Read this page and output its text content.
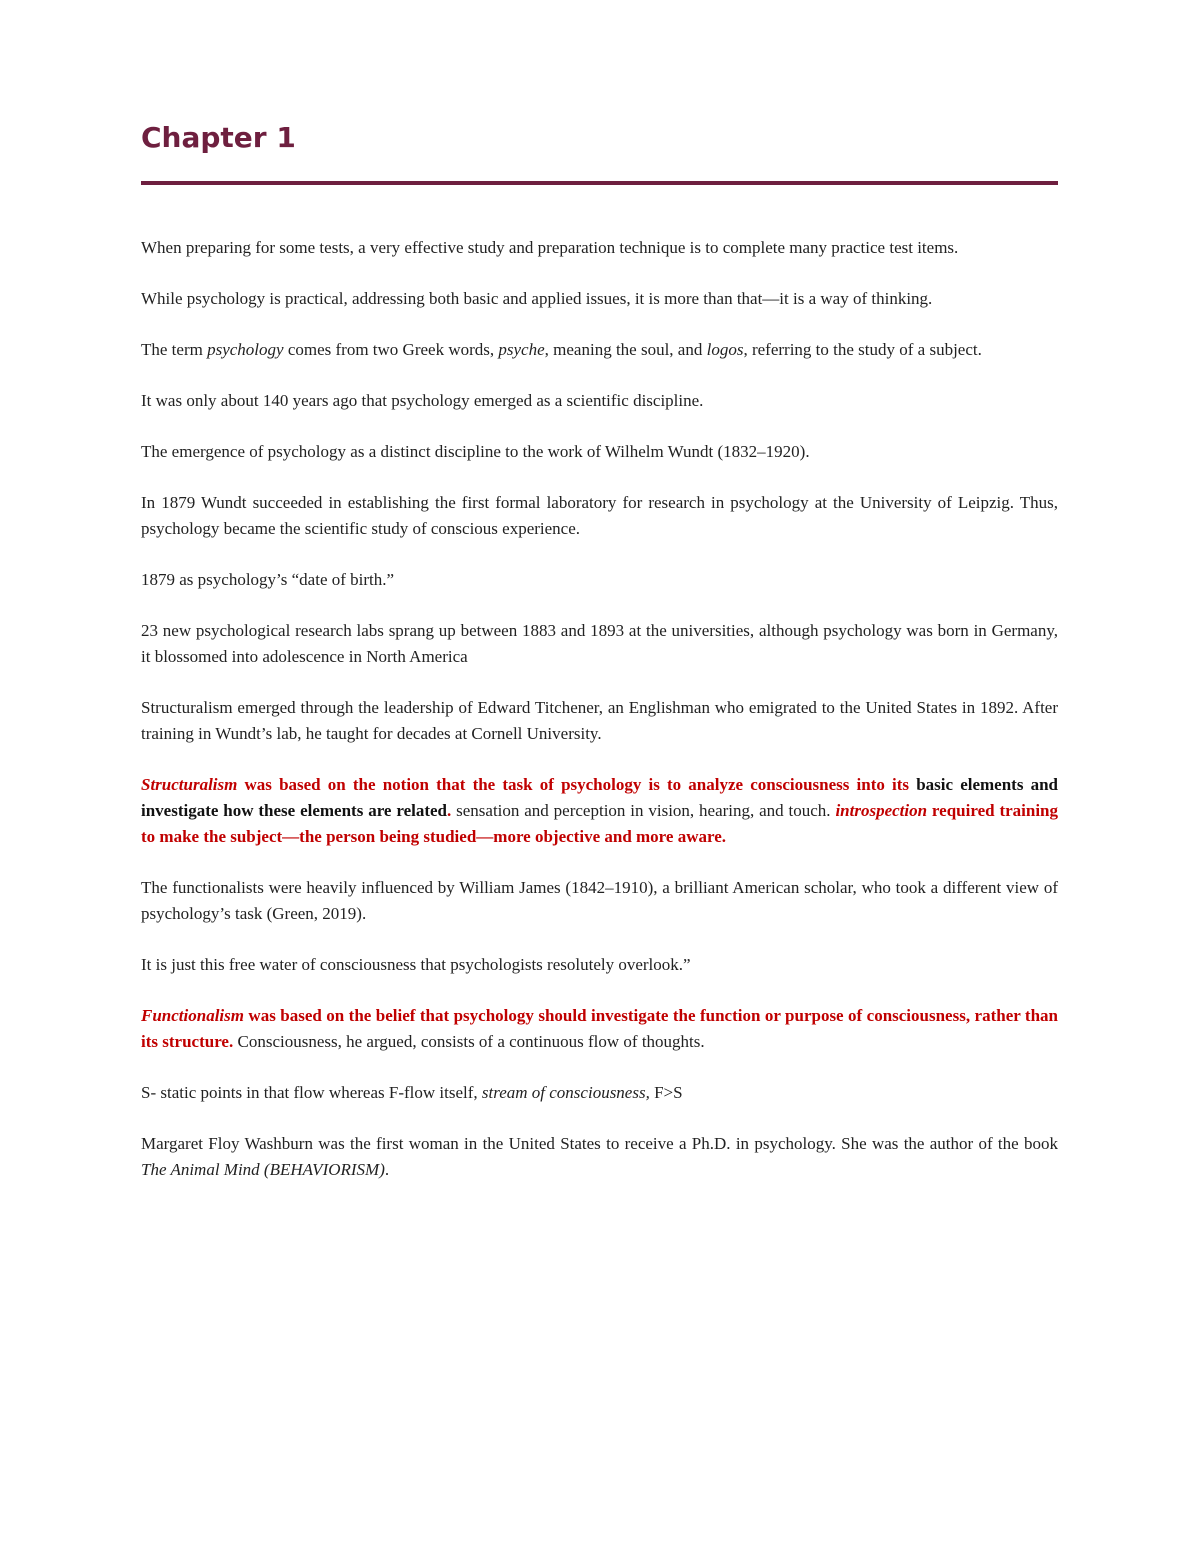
Chapter 1

When preparing for some tests, a very effective study and preparation technique is to complete many practice test items.

While psychology is practical, addressing both basic and applied issues, it is more than that—it is a way of thinking.

The term psychology comes from two Greek words, psyche, meaning the soul, and logos, referring to the study of a subject.

It was only about 140 years ago that psychology emerged as a scientific discipline.

The emergence of psychology as a distinct discipline to the work of Wilhelm Wundt (1832–1920).

In 1879 Wundt succeeded in establishing the first formal laboratory for research in psychology at the University of Leipzig. Thus, psychology became the scientific study of conscious experience.

1879 as psychology’s “date of birth.”

23 new psychological research labs sprang up between 1883 and 1893 at the universities, although psychology was born in Germany, it blossomed into adolescence in North America

Structuralism emerged through the leadership of Edward Titchener, an Englishman who emigrated to the United States in 1892. After training in Wundt’s lab, he taught for decades at Cornell University.

Structuralism was based on the notion that the task of psychology is to analyze consciousness into its basic elements and investigate how these elements are related. sensation and perception in vision, hearing, and touch. introspection required training to make the subject—the person being studied—more objective and more aware.

The functionalists were heavily influenced by William James (1842–1910), a brilliant American scholar, who took a different view of psychology’s task (Green, 2019).

It is just this free water of consciousness that psychologists resolutely overlook.”

Functionalism was based on the belief that psychology should investigate the function or purpose of consciousness, rather than its structure. Consciousness, he argued, consists of a continuous flow of thoughts.

S- static points in that flow whereas F-flow itself, stream of consciousness, F>S

Margaret Floy Washburn was the first woman in the United States to receive a Ph.D. in psychology. She was the author of the book The Animal Mind (BEHAVIORISM).
